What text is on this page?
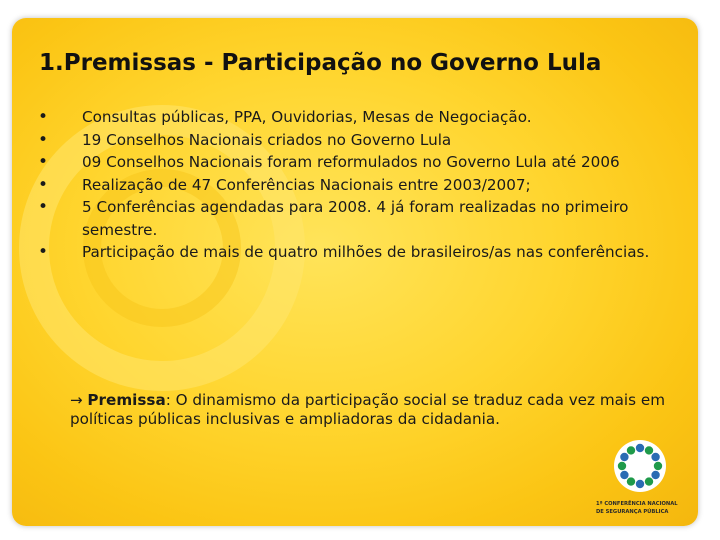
1.Premissas - Participação no Governo Lula
• Consultas públicas, PPA, Ouvidorias, Mesas de Negociação.
• 19 Conselhos Nacionais criados no Governo Lula
• 09 Conselhos Nacionais foram reformulados no Governo Lula até 2006
• Realização de 47 Conferências Nacionais entre 2003/2007;
• 5 Conferências agendadas para 2008. 4 já foram realizadas no primeiro semestre.
• Participação de mais de quatro milhões de brasileiros/as nas conferências.
→ Premissa: O dinamismo da participação social se traduz cada vez mais em políticas públicas inclusivas e ampliadoras da cidadania.
1ª CONFERÊNCIA NACIONAL
DE SEGURANÇA PÚBLICA
